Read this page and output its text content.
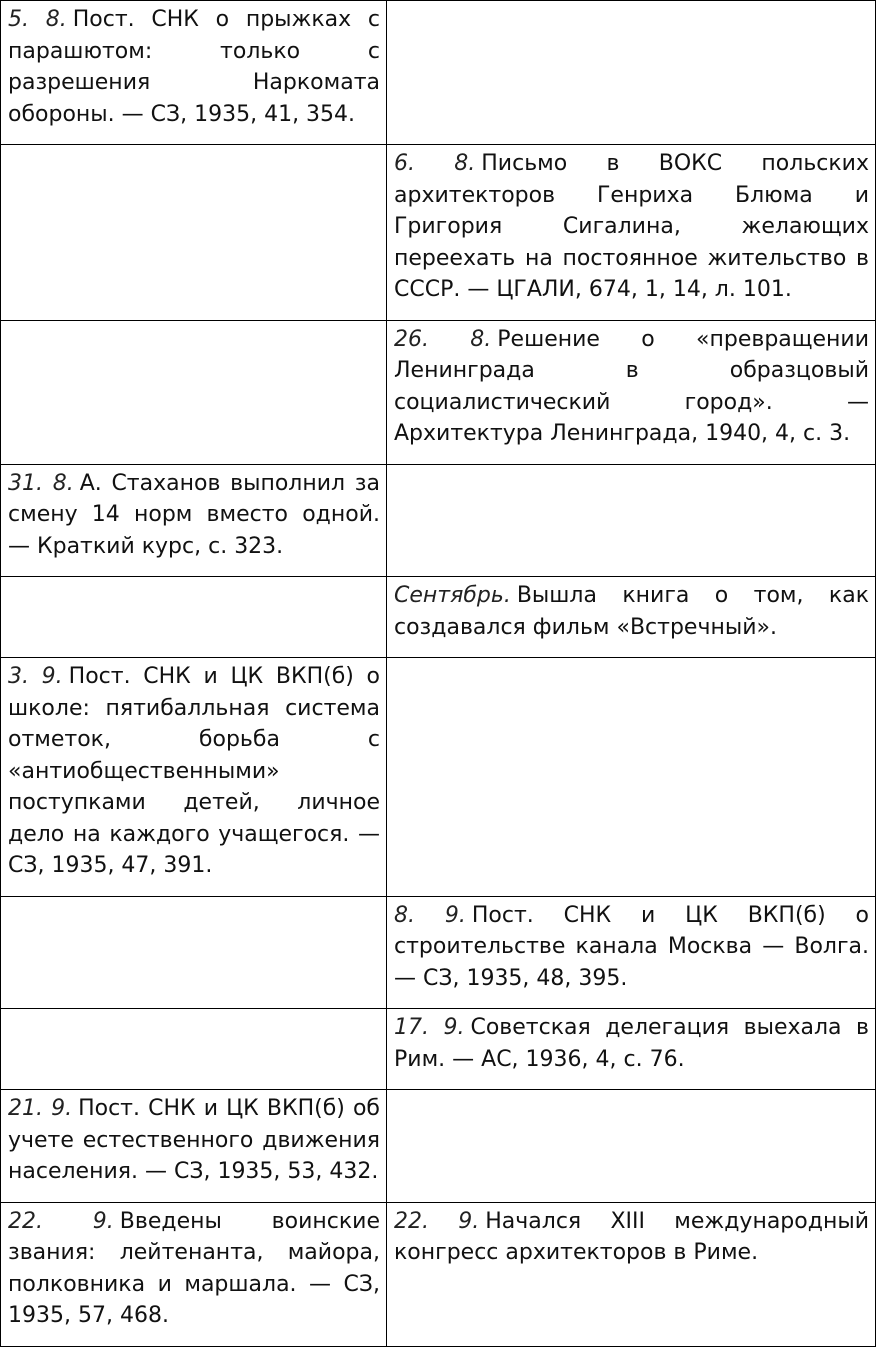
5. 8. Пост. СНК о прыжках с парашютом: только с разрешения Наркомата обороны. — СЗ, 1935, 41, 354.	
	6. 8. Письмо в ВОКС польских архитекторов Генриха Блюма и Григория Сигалина, желающих переехать на постоянное жительство в СССР. — ЦГАЛИ, 674, 1, 14, л. 101.
	26. 8. Решение о «превращении Ленинграда в образцовый социалистический город». — Архитектура Ленинграда, 1940, 4, с. 3.
31. 8. А. Стаханов выполнил за смену 14 норм вместо одной. — Краткий курс, с. 323.	
	Сентябрь. Вышла книга о том, как создавался фильм «Встречный».
3. 9. Пост. СНК и ЦК ВКП(б) о школе: пятибалльная система отметок, борьба с «антиобщественными» поступками детей, личное дело на каждого учащегося. — СЗ, 1935, 47, 391.	
	8. 9. Пост. СНК и ЦК ВКП(б) о строительстве канала Москва — Волга. — СЗ, 1935, 48, 395.
	17. 9. Советская делегация выехала в Рим. — АС, 1936, 4, с. 76.
21. 9. Пост. СНК и ЦК ВКП(б) об учете естественного движения населения. — СЗ, 1935, 53, 432.	
22. 9. Введены воинские звания: лейтенанта, майора, полковника и маршала. — СЗ, 1935, 57, 468.	22. 9. Начался XIII международный конгресс архитекторов в Риме.
